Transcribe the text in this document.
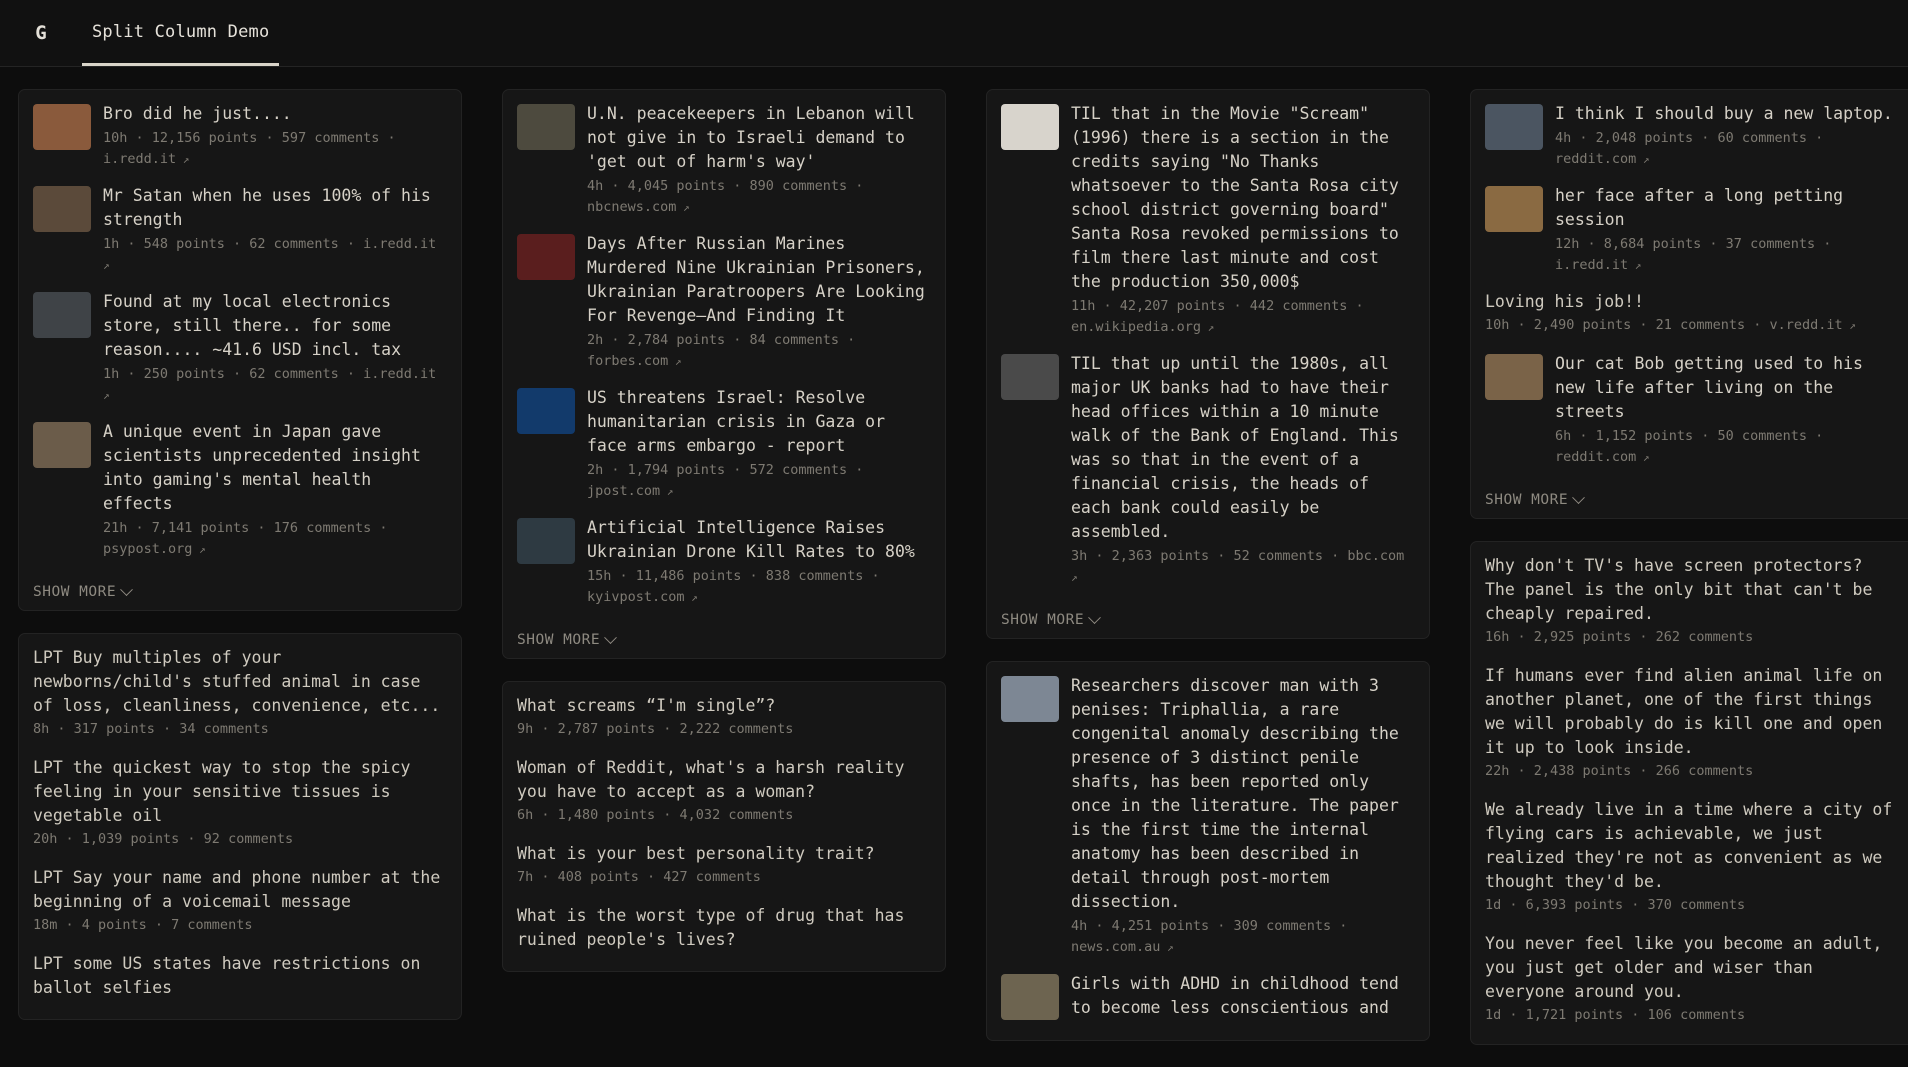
G	Split Column Demo
Bro did he just....
10h · 12,156 points · 597 comments · i.redd.it ↗
Mr Satan when he uses 100% of his strength
1h · 548 points · 62 comments · i.redd.it ↗
Found at my local electronics store, still there.. for some reason.... ~41.6 USD incl. tax
1h · 250 points · 62 comments · i.redd.it ↗
A unique event in Japan gave scientists unprecedented insight into gaming's mental health effects
21h · 7,141 points · 176 comments · psypost.org ↗
SHOW MORE
LPT Buy multiples of your newborns/child's stuffed animal in case of loss, cleanliness, convenience, etc...
8h · 317 points · 34 comments
LPT the quickest way to stop the spicy feeling in your sensitive tissues is vegetable oil
20h · 1,039 points · 92 comments
LPT Say your name and phone number at the beginning of a voicemail message
18m · 4 points · 7 comments
LPT some US states have restrictions on ballot selfies
U.N. peacekeepers in Lebanon will not give in to Israeli demand to 'get out of harm's way'
4h · 4,045 points · 890 comments · nbcnews.com ↗
Days After Russian Marines Murdered Nine Ukrainian Prisoners, Ukrainian Paratroopers Are Looking For Revenge—And Finding It
2h · 2,784 points · 84 comments · forbes.com ↗
US threatens Israel: Resolve humanitarian crisis in Gaza or face arms embargo - report
2h · 1,794 points · 572 comments · jpost.com ↗
Artificial Intelligence Raises Ukrainian Drone Kill Rates to 80%
15h · 11,486 points · 838 comments · kyivpost.com ↗
SHOW MORE
What screams “I'm single”?
9h · 2,787 points · 2,222 comments
Woman of Reddit, what's a harsh reality you have to accept as a woman?
6h · 1,480 points · 4,032 comments
What is your best personality trait?
7h · 408 points · 427 comments
What is the worst type of drug that has ruined people's lives?
TIL that in the Movie "Scream" (1996) there is a section in the credits saying "No Thanks whatsoever to the Santa Rosa city school district governing board" Santa Rosa revoked permissions to film there last minute and cost the production 350,000$
11h · 42,207 points · 442 comments · en.wikipedia.org ↗
TIL that up until the 1980s, all major UK banks had to have their head offices within a 10 minute walk of the Bank of England. This was so that in the event of a financial crisis, the heads of each bank could easily be assembled.
3h · 2,363 points · 52 comments · bbc.com ↗
SHOW MORE
Researchers discover man with 3 penises: Triphallia, a rare congenital anomaly describing the presence of 3 distinct penile shafts, has been reported only once in the literature. The paper is the first time the internal anatomy has been described in detail through post-mortem dissection.
4h · 4,251 points · 309 comments · news.com.au ↗
Girls with ADHD in childhood tend to become less conscientious and
I think I should buy a new laptop.
4h · 2,048 points · 60 comments · reddit.com ↗
her face after a long petting session
12h · 8,684 points · 37 comments · i.redd.it ↗
Loving his job!!
10h · 2,490 points · 21 comments · v.redd.it ↗
Our cat Bob getting used to his new life after living on the streets
6h · 1,152 points · 50 comments · reddit.com ↗
SHOW MORE
Why don't TV's have screen protectors? The panel is the only bit that can't be cheaply repaired.
16h · 2,925 points · 262 comments
If humans ever find alien animal life on another planet, one of the first things we will probably do is kill one and open it up to look inside.
22h · 2,438 points · 266 comments
We already live in a time where a city of flying cars is achievable, we just realized they're not as convenient as we thought they'd be.
1d · 6,393 points · 370 comments
You never feel like you become an adult, you just get older and wiser than everyone around you.
1d · 1,721 points · 106 comments
